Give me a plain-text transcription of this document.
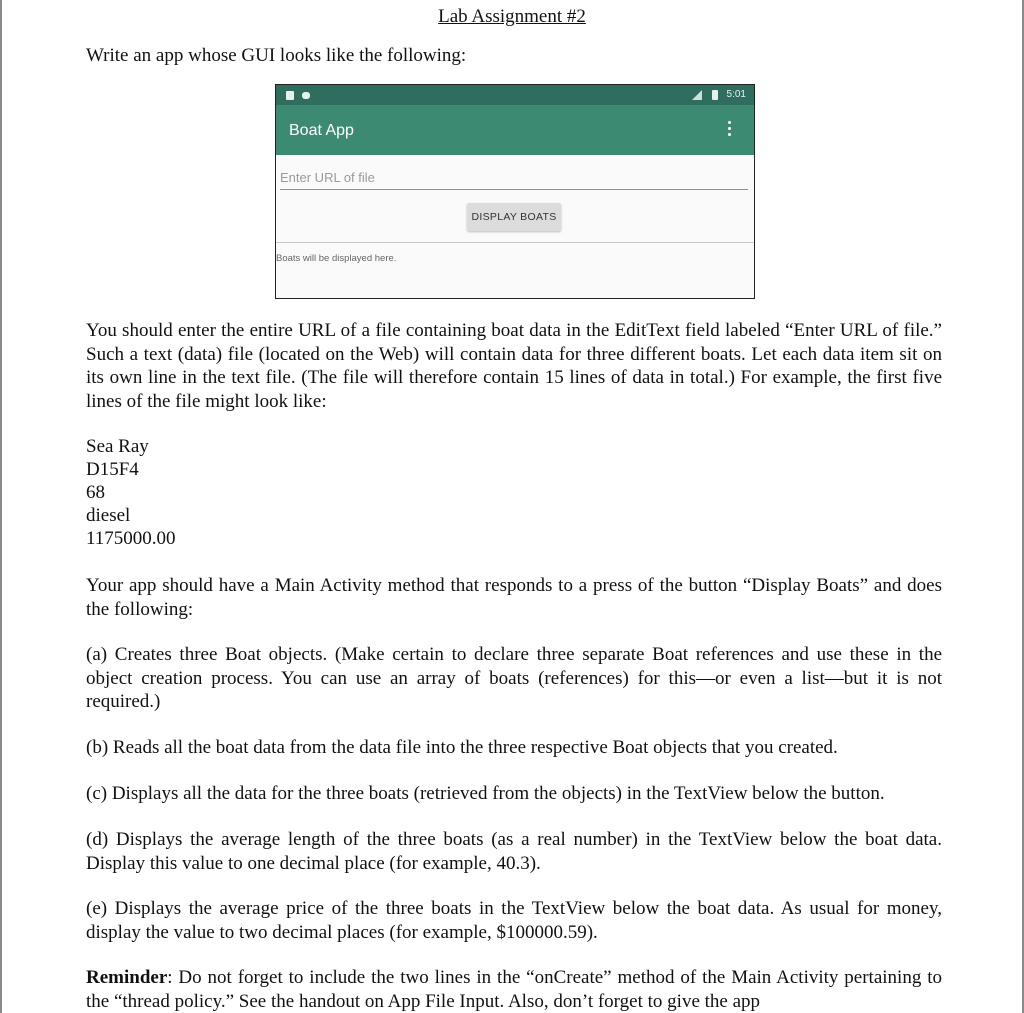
Lab Assignment #2

Write an app whose GUI looks like the following:

5:01
Boat App
Enter URL of file
DISPLAY BOATS
Boats will be displayed here.

You should enter the entire URL of a file containing boat data in the EditText field labeled “Enter URL of file.” Such a text (data) file (located on the Web) will contain data for three different boats. Let each data item sit on its own line in the text file. (The file will therefore contain 15 lines of data in total.) For example, the first five lines of the file might look like:

Sea Ray
D15F4
68
diesel
1175000.00

Your app should have a Main Activity method that responds to a press of the button “Display Boats” and does the following:

(a) Creates three Boat objects. (Make certain to declare three separate Boat references and use these in the object creation process. You can use an array of boats (references) for this—or even a list—but it is not required.)

(b) Reads all the boat data from the data file into the three respective Boat objects that you created.

(c) Displays all the data for the three boats (retrieved from the objects) in the TextView below the button.

(d) Displays the average length of the three boats (as a real number) in the TextView below the boat data. Display this value to one decimal place (for example, 40.3).

(e) Displays the average price of the three boats in the TextView below the boat data. As usual for money, display the value to two decimal places (for example, $100000.59).

Reminder: Do not forget to include the two lines in the “onCreate” method of the Main Activity pertaining to the “thread policy.” See the handout on App File Input. Also, don’t forget to give the app
